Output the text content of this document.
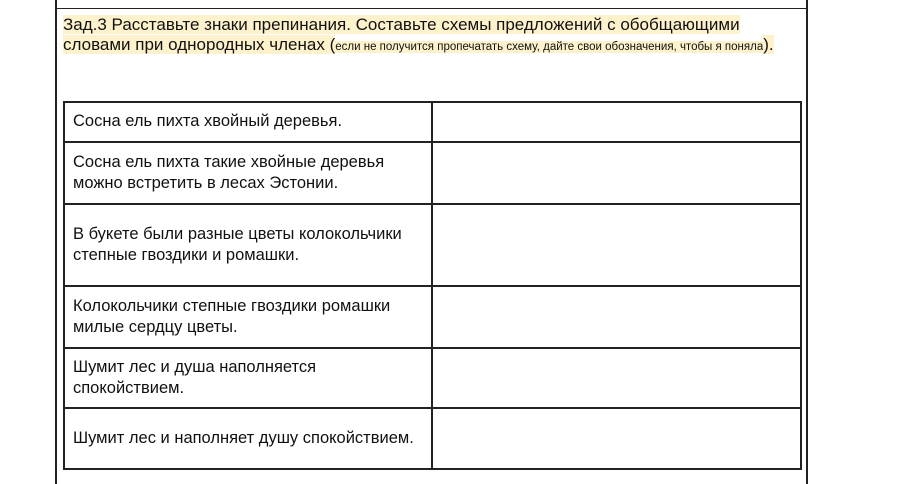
Зад.3 Расставьте знаки препинания. Составьте схемы предложений с обобщающими словами при однородных членах (если не получится пропечатать схему, дайте свои обозначения, чтобы я поняла).
Сосна ель пихта хвойный деревья.	
Сосна ель пихта такие хвойные деревья можно встретить в лесах Эстонии.	
В букете были разные цветы колокольчики степные гвоздики и ромашки.	
Колокольчики степные гвоздики ромашки милые сердцу цветы.	
Шумит лес и душа наполняется спокойствием.	
Шумит лес и наполняет душу спокойствием.	
